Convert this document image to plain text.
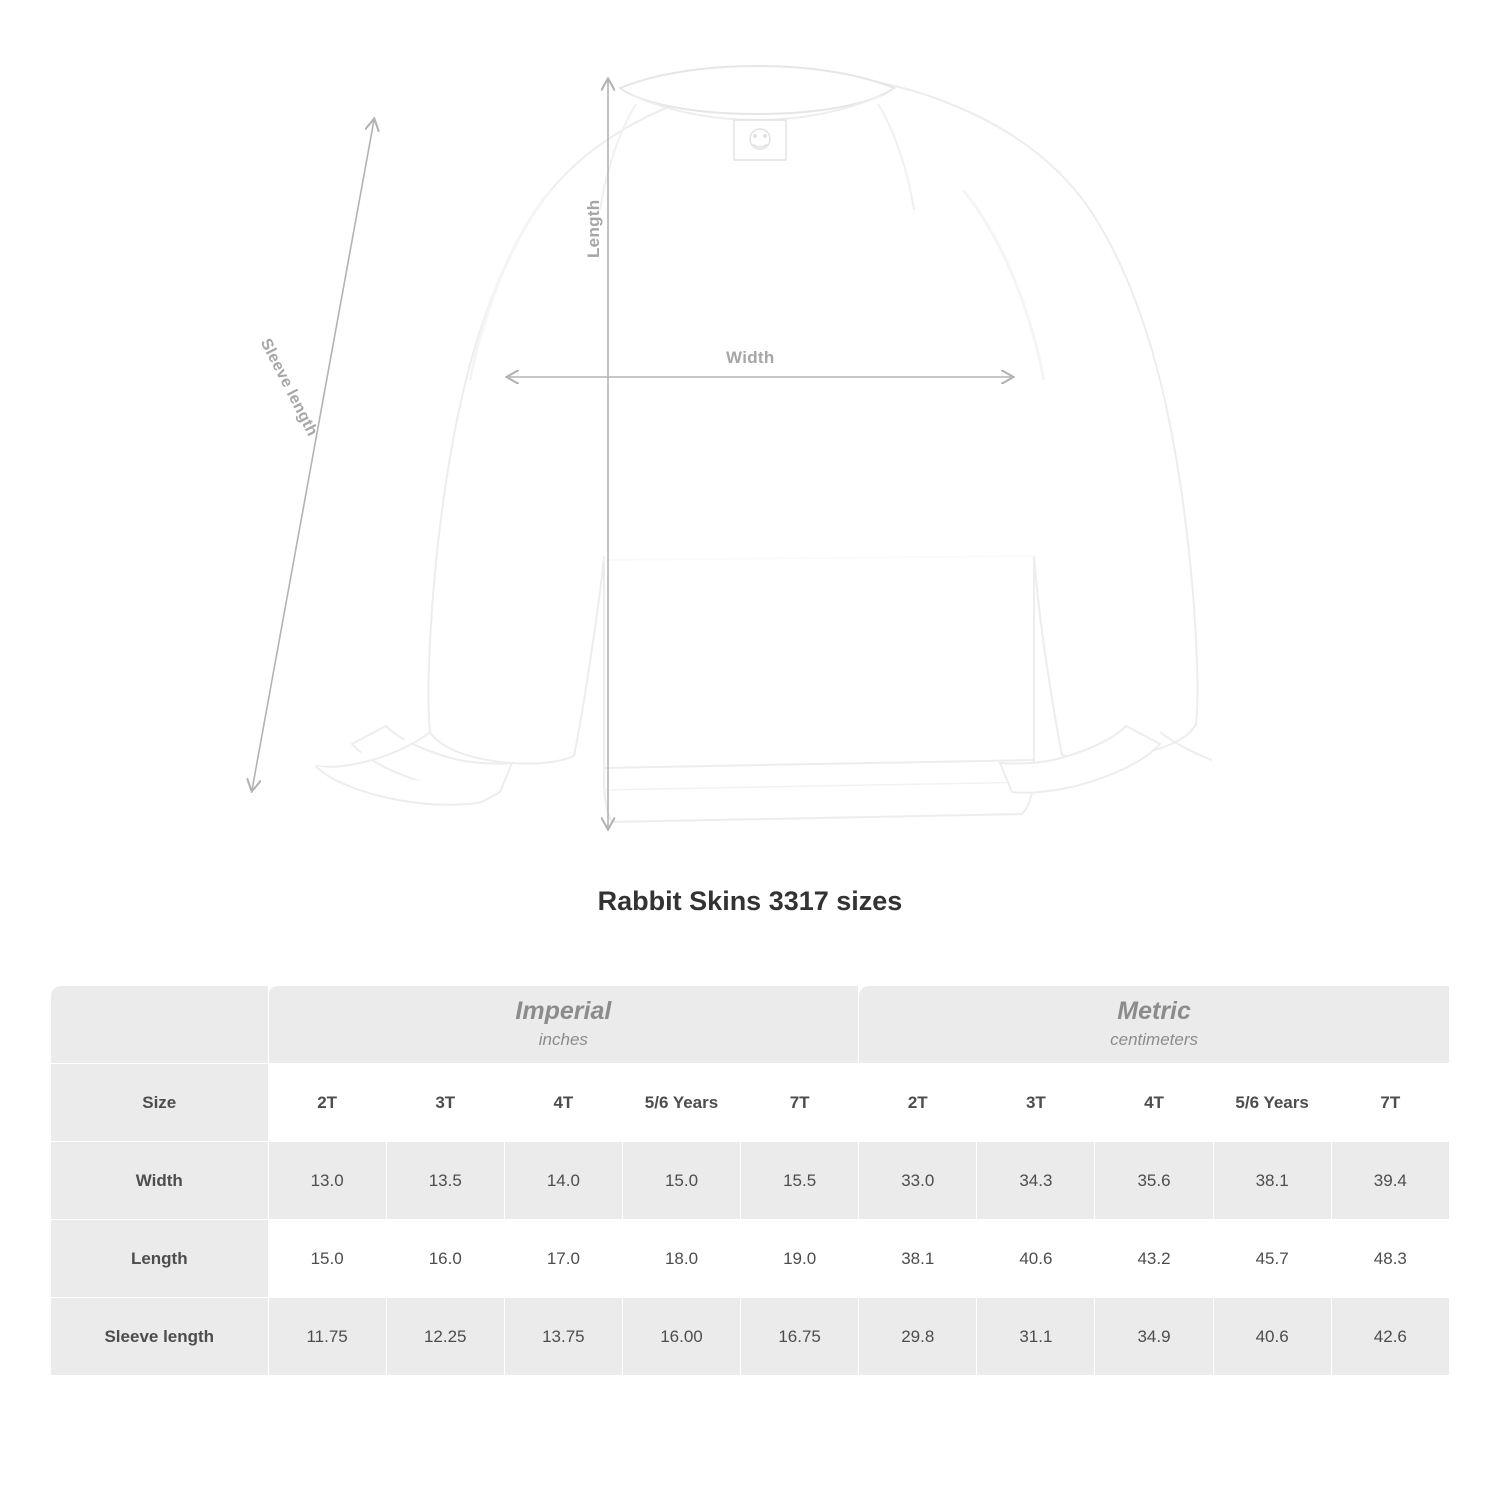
Width
Length
Sleeve length
Rabbit Skins 3317 sizes

Imperial
inches

Metric
centimeters

Size	2T	3T	4T	5/6 Years	7T	2T	3T	4T	5/6 Years	7T
Width	13.0	13.5	14.0	15.0	15.5	33.0	34.3	35.6	38.1	39.4
Length	15.0	16.0	17.0	18.0	19.0	38.1	40.6	43.2	45.7	48.3
Sleeve length	11.75	12.25	13.75	16.00	16.75	29.8	31.1	34.9	40.6	42.6
